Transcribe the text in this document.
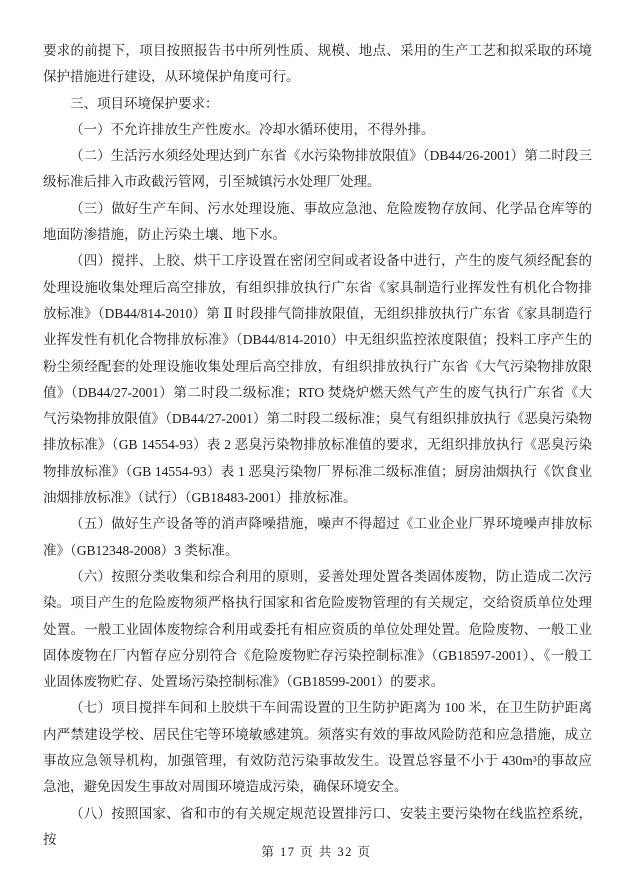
要求的前提下，项目按照报告书中所列性质、规模、地点、采用的生产工艺和拟采取的环境保护措施进行建设，从环境保护角度可行。

三、项目环境保护要求：

（一）不允许排放生产性废水。冷却水循环使用，不得外排。

（二）生活污水须经处理达到广东省《水污染物排放限值》（DB44/26-2001）第二时段三级标准后排入市政截污管网，引至城镇污水处理厂处理。

（三）做好生产车间、污水处理设施、事故应急池、危险废物存放间、化学品仓库等的地面防渗措施，防止污染土壤、地下水。

（四）搅拌、上胶、烘干工序设置在密闭空间或者设备中进行，产生的废气须经配套的处理设施收集处理后高空排放，有组织排放执行广东省《家具制造行业挥发性有机化合物排放标准》（DB44/814-2010）第 Ⅱ 时段排气筒排放限值，无组织排放执行广东省《家具制造行业挥发性有机化合物排放标准》（DB44/814-2010）中无组织监控浓度限值；投料工序产生的粉尘须经配套的处理设施收集处理后高空排放，有组织排放执行广东省《大气污染物排放限值》（DB44/27-2001）第二时段二级标准；RTO 焚烧炉燃天然气产生的废气执行广东省《大气污染物排放限值》（DB44/27-2001）第二时段二级标准；臭气有组织排放执行《恶臭污染物排放标准》（GB 14554-93）表 2 恶臭污染物排放标准值的要求，无组织排放执行《恶臭污染物排放标准》（GB 14554-93）表 1 恶臭污染物厂界标准二级标准值；厨房油烟执行《饮食业油烟排放标准》（试行）（GB18483-2001）排放标准。

（五）做好生产设备等的消声降噪措施，噪声不得超过《工业企业厂界环境噪声排放标准》（GB12348-2008）3 类标准。

（六）按照分类收集和综合利用的原则，妥善处理处置各类固体废物，防止造成二次污染。项目产生的危险废物须严格执行国家和省危险废物管理的有关规定，交给资质单位处理处置。一般工业固体废物综合利用或委托有相应资质的单位处理处置。危险废物、一般工业固体废物在厂内暂存应分别符合《危险废物贮存污染控制标准》（GB18597-2001）、《一般工业固体废物贮存、处置场污染控制标准》（GB18599-2001）的要求。

（七）项目搅拌车间和上胶烘干车间需设置的卫生防护距离为 100 米，在卫生防护距离内严禁建设学校、居民住宅等环境敏感建筑。须落实有效的事故风险防范和应急措施，成立事故应急领导机构，加强管理，有效防范污染事故发生。设置总容量不小于 430m³的事故应急池，避免因发生事故对周围环境造成污染，确保环境安全。

（八）按照国家、省和市的有关规定规范设置排污口、安装主要污染物在线监控系统，按

第 17 页 共 32 页
